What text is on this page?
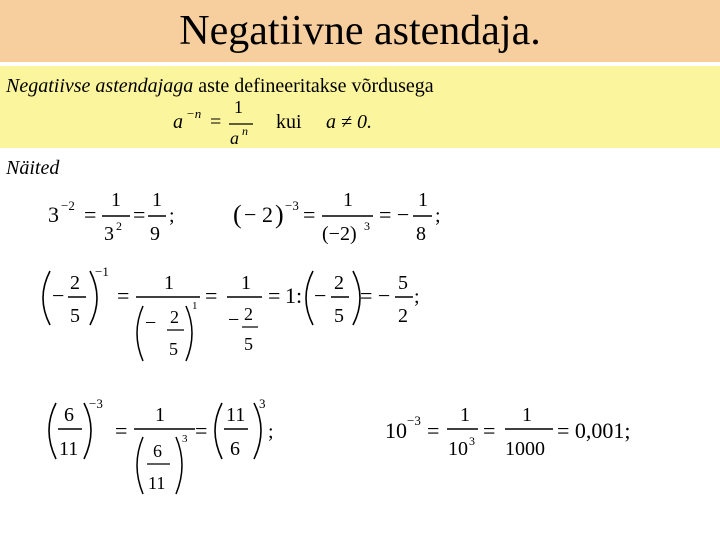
Negatiivne astendaja.
Negatiivse astendajaga aste defineeritakse võrdusega
Näited
a −n =
1
a n kui a ≠ 0.
3 −2 =
1
3 2 =
1
9
; ( − 2 ) −3 =
1
(−2) 3 = −
1
8
;
− 2
5
−1
= 1
− 2
5
1 = 1
− 2
5
= 1 : − 2
5
= − 5
2
;
6
11
−3
=
1
6
11
3 =
11
6
3
;	10 −3 =
1
10 3 =
1
1000
= 0,001;
